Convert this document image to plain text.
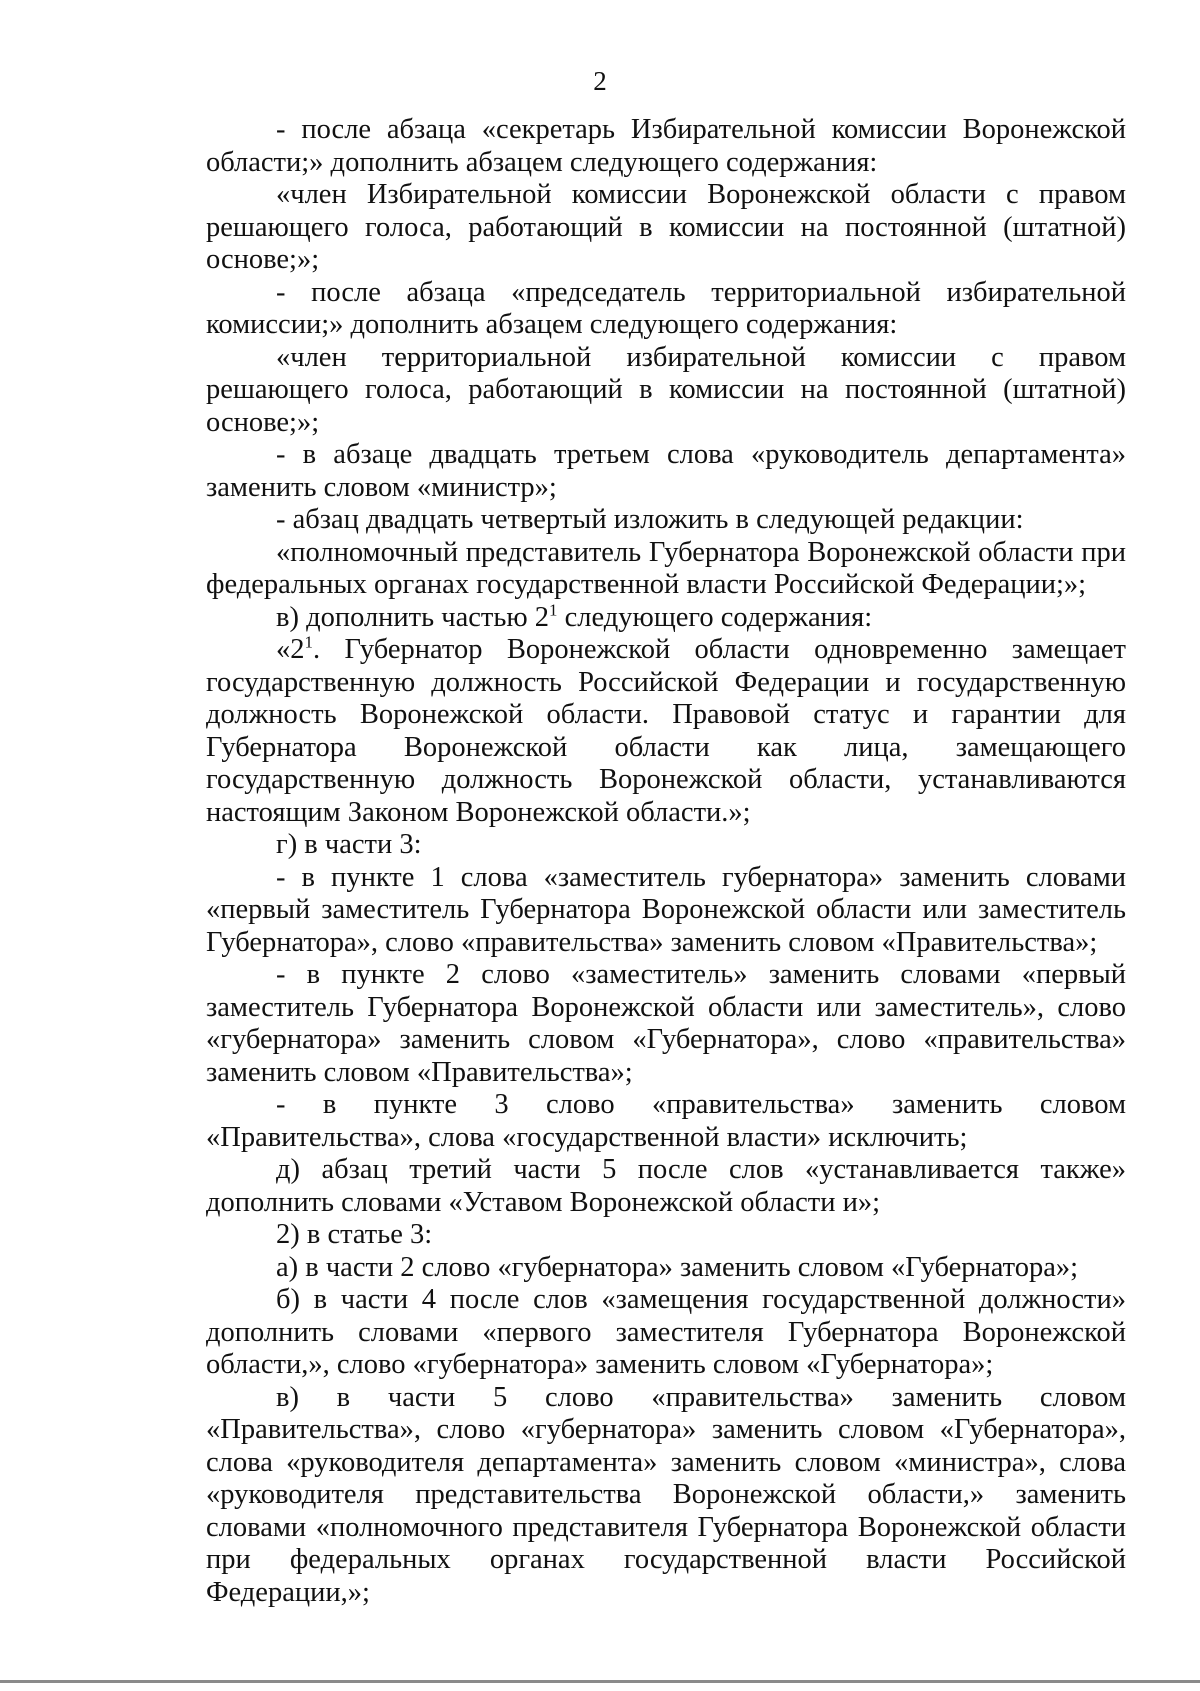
2

- после абзаца «секретарь Избирательной комиссии Воронежской области;» дополнить абзацем следующего содержания:

«член Избирательной комиссии Воронежской области с правом решающего голоса, работающий в комиссии на постоянной (штатной) основе;»;

- после абзаца «председатель территориальной избирательной комиссии;» дополнить абзацем следующего содержания:

«член территориальной избирательной комиссии с правом решающего голоса, работающий в комиссии на постоянной (штатной) основе;»;

- в абзаце двадцать третьем слова «руководитель департамента» заменить словом «министр»;

- абзац двадцать четвертый изложить в следующей редакции:

«полномочный представитель Губернатора Воронежской области при федеральных органах государственной власти Российской Федерации;»;

в) дополнить частью $2^1$ следующего содержания:

«$2^1$. Губернатор Воронежской области одновременно замещает государственную должность Российской Федерации и государственную должность Воронежской области. Правовой статус и гарантии для Губернатора Воронежской области как лица, замещающего государственную должность Воронежской области, устанавливаются настоящим Законом Воронежской области.»;

г) в части 3:

- в пункте 1 слова «заместитель губернатора» заменить словами «первый заместитель Губернатора Воронежской области или заместитель Губернатора», слово «правительства» заменить словом «Правительства»;

- в пункте 2 слово «заместитель» заменить словами «первый заместитель Губернатора Воронежской области или заместитель», слово «губернатора» заменить словом «Губернатора», слово «правительства» заменить словом «Правительства»;

- в пункте 3 слово «правительства» заменить словом «Правительства», слова «государственной власти» исключить;

д) абзац третий части 5 после слов «устанавливается также» дополнить словами «Уставом Воронежской области и»;

2) в статье 3:

а) в части 2 слово «губернатора» заменить словом «Губернатора»;

б) в части 4 после слов «замещения государственной должности» дополнить словами «первого заместителя Губернатора Воронежской области,», слово «губернатора» заменить словом «Губернатора»;

в) в части 5 слово «правительства» заменить словом «Правительства», слово «губернатора» заменить словом «Губернатора», слова «руководителя департамента» заменить словом «министра», слова «руководителя представительства Воронежской области,» заменить словами «полномочного представителя Губернатора Воронежской области при федеральных органах государственной власти Российской Федерации,»;
